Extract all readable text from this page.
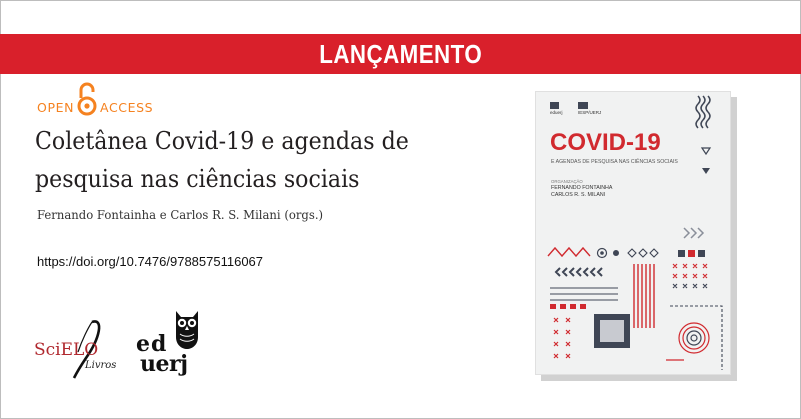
LANÇAMENTO
OPEN ACCESS
Coletânea Covid-19 e agendas de
pesquisa nas ciências sociais
Fernando Fontainha e Carlos R. S. Milani (orgs.)
https://doi.org/10.7476/9788575116067
SciELO
Livros
ed
uerj
eduerj	IESP/UERJ
COVID-19
E AGENDAS DE PESQUISA NAS CIÊNCIAS SOCIAIS
ORGANIZAÇÃO
FERNANDO FONTAINHA
CARLOS R. S. MILANI
